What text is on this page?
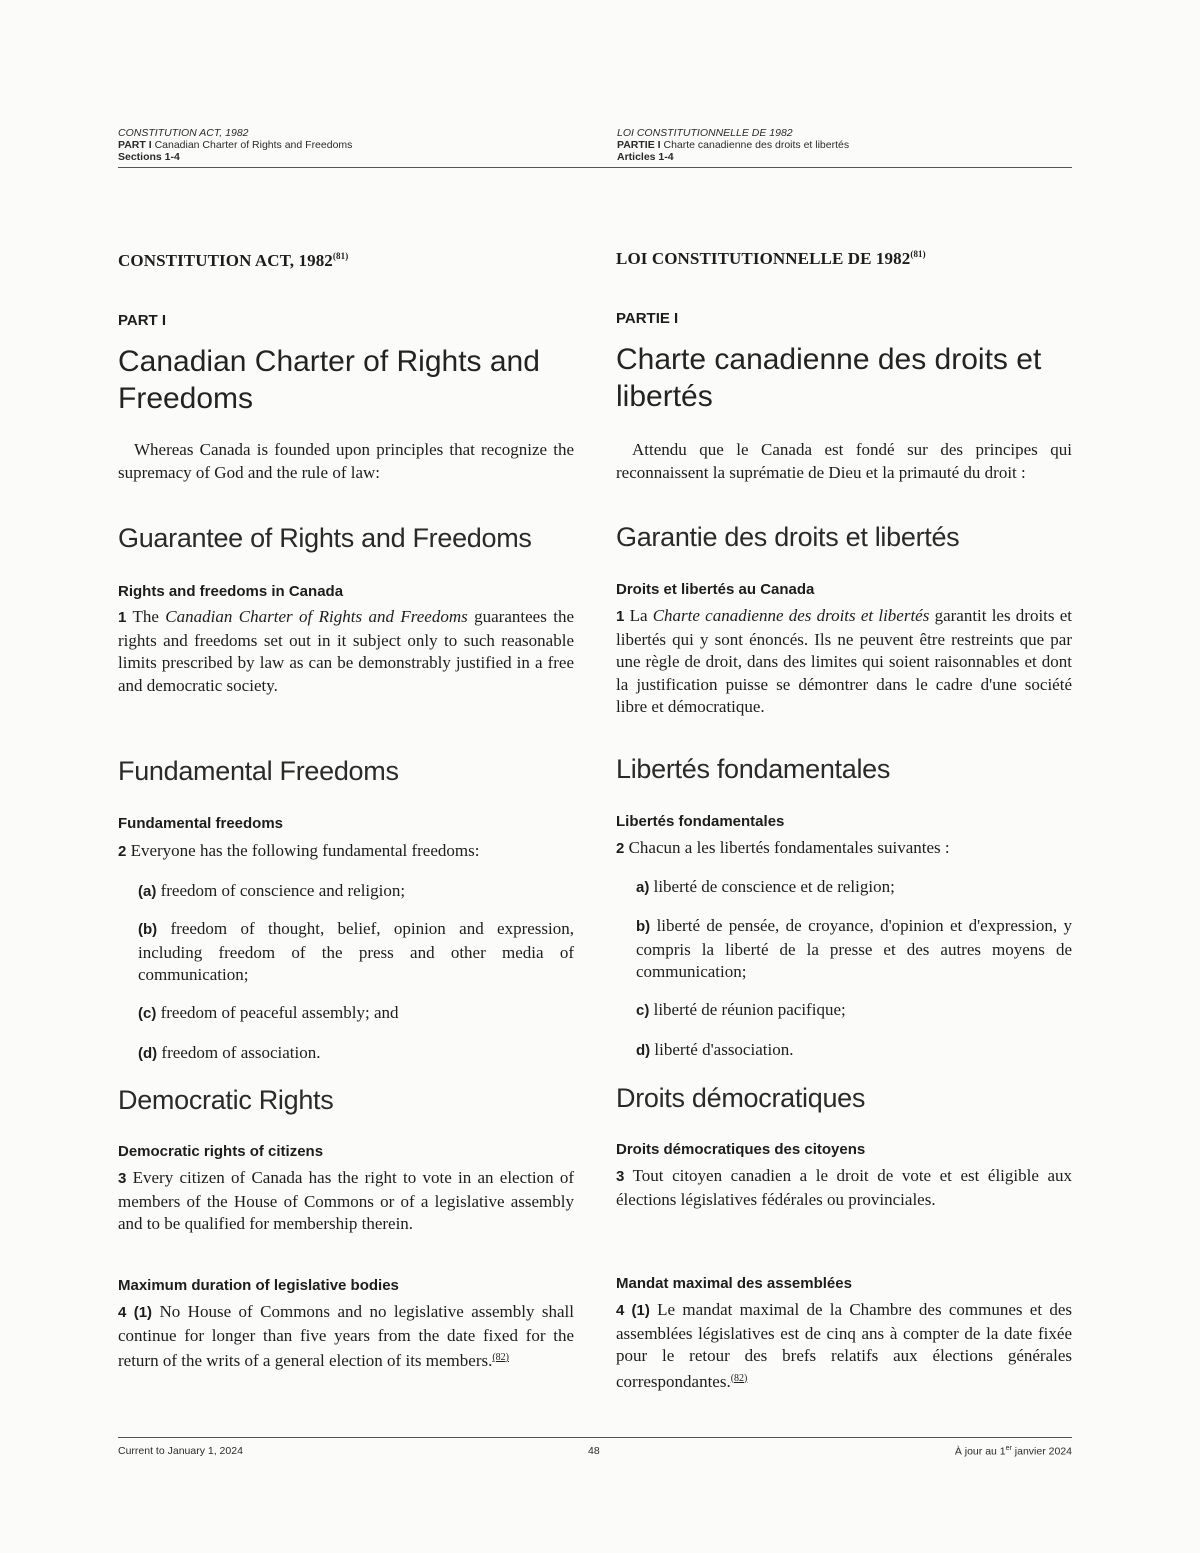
CONSTITUTION ACT, 1982
PART I Canadian Charter of Rights and Freedoms
Sections 1-4
LOI CONSTITUTIONNELLE DE 1982
PARTIE I Charte canadienne des droits et libertés
Articles 1-4
CONSTITUTION ACT, 1982$^{(81)}$
PART I
Canadian Charter of Rights and Freedoms
Whereas Canada is founded upon principles that recognize the supremacy of God and the rule of law:
Guarantee of Rights and Freedoms
Rights and freedoms in Canada
1 The Canadian Charter of Rights and Freedoms guarantees the rights and freedoms set out in it subject only to such reasonable limits prescribed by law as can be demonstrably justified in a free and democratic society.
Fundamental Freedoms
Fundamental freedoms
2 Everyone has the following fundamental freedoms:
(a) freedom of conscience and religion;
(b) freedom of thought, belief, opinion and expression, including freedom of the press and other media of communication;
(c) freedom of peaceful assembly; and
(d) freedom of association.
Democratic Rights
Democratic rights of citizens
3 Every citizen of Canada has the right to vote in an election of members of the House of Commons or of a legislative assembly and to be qualified for membership therein.
Maximum duration of legislative bodies
4 (1) No House of Commons and no legislative assembly shall continue for longer than five years from the date fixed for the return of the writs of a general election of its members.$^{(82)}$
LOI CONSTITUTIONNELLE DE 1982$^{(81)}$
PARTIE I
Charte canadienne des droits et libertés
Attendu que le Canada est fondé sur des principes qui reconnaissent la suprématie de Dieu et la primauté du droit :
Garantie des droits et libertés
Droits et libertés au Canada
1 La Charte canadienne des droits et libertés garantit les droits et libertés qui y sont énoncés. Ils ne peuvent être restreints que par une règle de droit, dans des limites qui soient raisonnables et dont la justification puisse se démontrer dans le cadre d'une société libre et démocratique.
Libertés fondamentales
Libertés fondamentales
2 Chacun a les libertés fondamentales suivantes :
a) liberté de conscience et de religion;
b) liberté de pensée, de croyance, d'opinion et d'expression, y compris la liberté de la presse et des autres moyens de communication;
c) liberté de réunion pacifique;
d) liberté d'association.
Droits démocratiques
Droits démocratiques des citoyens
3 Tout citoyen canadien a le droit de vote et est éligible aux élections législatives fédérales ou provinciales.
Mandat maximal des assemblées
4 (1) Le mandat maximal de la Chambre des communes et des assemblées législatives est de cinq ans à compter de la date fixée pour le retour des brefs relatifs aux élections générales correspondantes.$^{(82)}$
Current to January 1, 2024	48	À jour au 1er janvier 2024
